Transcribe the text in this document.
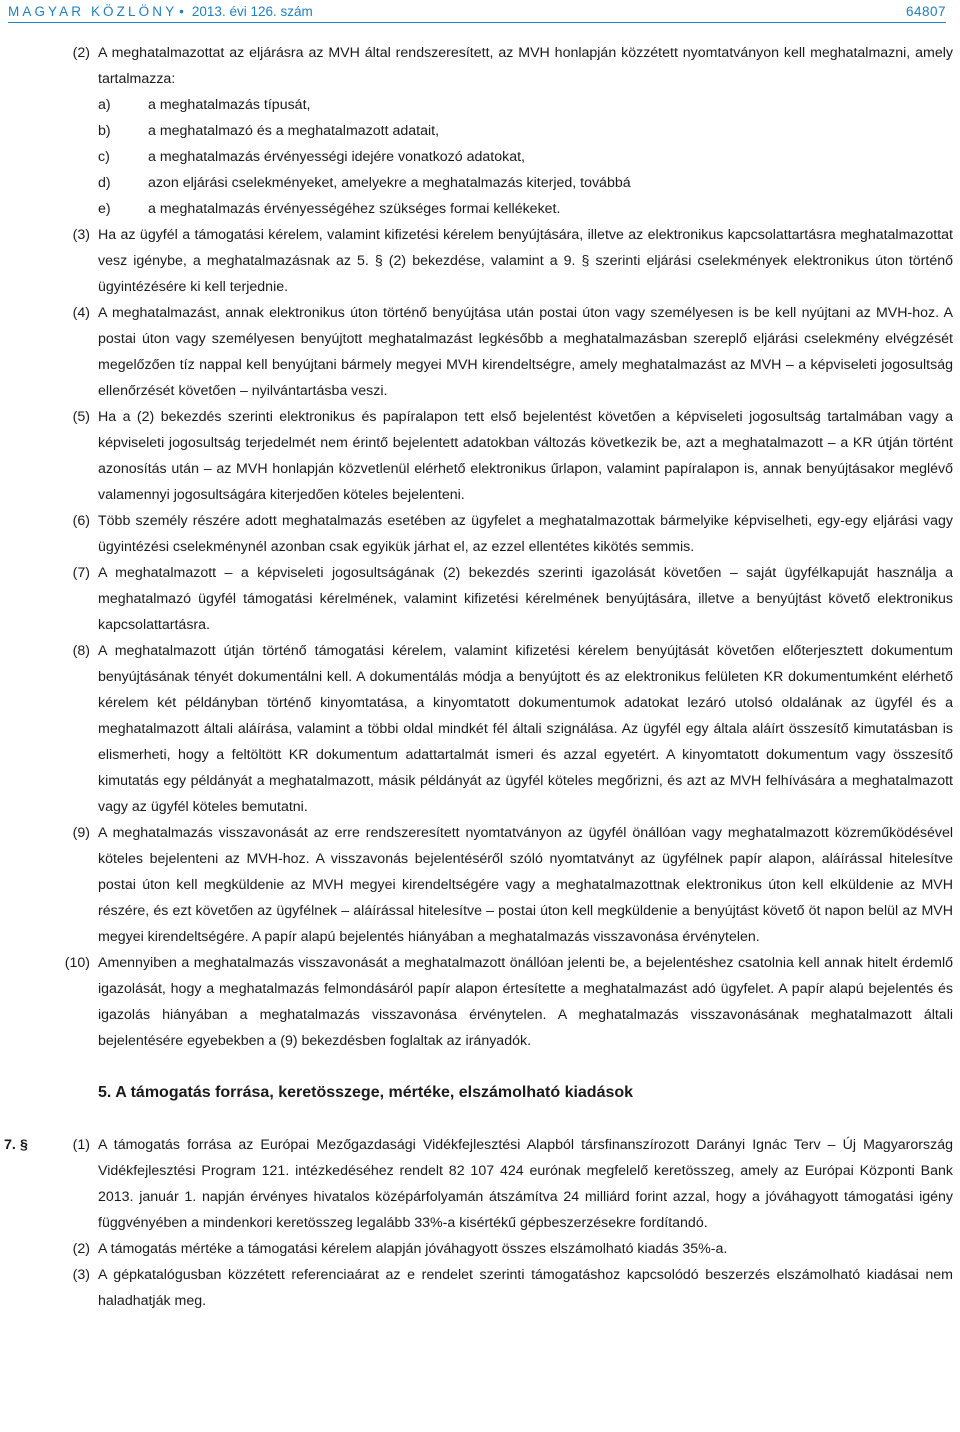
MAGYAR KÖZLÖNY • 2013. évi 126. szám	64807
(2) A meghatalmazottat az eljárásra az MVH által rendszeresített, az MVH honlapján közzétett nyomtatványon kell meghatalmazni, amely tartalmazza:
a)	a meghatalmazás típusát,
b)	a meghatalmazó és a meghatalmazott adatait,
c)	a meghatalmazás érvényességi idejére vonatkozó adatokat,
d)	azon eljárási cselekményeket, amelyekre a meghatalmazás kiterjed, továbbá
e)	a meghatalmazás érvényességéhez szükséges formai kellékeket.
(3) Ha az ügyfél a támogatási kérelem, valamint kifizetési kérelem benyújtására, illetve az elektronikus kapcsolattartásra meghatalmazottat vesz igénybe, a meghatalmazásnak az 5. § (2) bekezdése, valamint a 9. § szerinti eljárási cselekmények elektronikus úton történő ügyintézésére ki kell terjednie.
(4) A meghatalmazást, annak elektronikus úton történő benyújtása után postai úton vagy személyesen is be kell nyújtani az MVH-hoz. A postai úton vagy személyesen benyújtott meghatalmazást legkésőbb a meghatalmazásban szereplő eljárási cselekmény elvégzését megelőzően tíz nappal kell benyújtani bármely megyei MVH kirendeltségre, amely meghatalmazást az MVH – a képviseleti jogosultság ellenőrzését követően – nyilvántartásba veszi.
(5) Ha a (2) bekezdés szerinti elektronikus és papíralapon tett első bejelentést követően a képviseleti jogosultság tartalmában vagy a képviseleti jogosultság terjedelmét nem érintő bejelentett adatokban változás következik be, azt a meghatalmazott – a KR útján történt azonosítás után – az MVH honlapján közvetlenül elérhető elektronikus űrlapon, valamint papíralapon is, annak benyújtásakor meglévő valamennyi jogosultságára kiterjedően köteles bejelenteni.
(6) Több személy részére adott meghatalmazás esetében az ügyfelet a meghatalmazottak bármelyike képviselheti, egy-egy eljárási vagy ügyintézési cselekménynél azonban csak egyikük járhat el, az ezzel ellentétes kikötés semmis.
(7) A meghatalmazott – a képviseleti jogosultságának (2) bekezdés szerinti igazolását követően – saját ügyfélkapuját használja a meghatalmazó ügyfél támogatási kérelmének, valamint kifizetési kérelmének benyújtására, illetve a benyújtást követő elektronikus kapcsolattartásra.
(8) A meghatalmazott útján történő támogatási kérelem, valamint kifizetési kérelem benyújtását követően előterjesztett dokumentum benyújtásának tényét dokumentálni kell. A dokumentálás módja a benyújtott és az elektronikus felületen KR dokumentumként elérhető kérelem két példányban történő kinyomtatása, a kinyomtatott dokumentumok adatokat lezáró utolsó oldalának az ügyfél és a meghatalmazott általi aláírása, valamint a többi oldal mindkét fél általi szignálása. Az ügyfél egy általa aláírt összesítő kimutatásban is elismerheti, hogy a feltöltött KR dokumentum adattartalmát ismeri és azzal egyetért. A kinyomtatott dokumentum vagy összesítő kimutatás egy példányát a meghatalmazott, másik példányát az ügyfél köteles megőrizni, és azt az MVH felhívására a meghatalmazott vagy az ügyfél köteles bemutatni.
(9) A meghatalmazás visszavonását az erre rendszeresített nyomtatványon az ügyfél önállóan vagy meghatalmazott közreműködésével köteles bejelenteni az MVH-hoz. A visszavonás bejelentéséről szóló nyomtatványt az ügyfélnek papír alapon, aláírással hitelesítve postai úton kell megküldenie az MVH megyei kirendeltségére vagy a meghatalmazottnak elektronikus úton kell elküldenie az MVH részére, és ezt követően az ügyfélnek – aláírással hitelesítve – postai úton kell megküldenie a benyújtást követő öt napon belül az MVH megyei kirendeltségére. A papír alapú bejelentés hiányában a meghatalmazás visszavonása érvénytelen.
(10) Amennyiben a meghatalmazás visszavonását a meghatalmazott önállóan jelenti be, a bejelentéshez csatolnia kell annak hitelt érdemlő igazolását, hogy a meghatalmazás felmondásáról papír alapon értesítette a meghatalmazást adó ügyfelet. A papír alapú bejelentés és igazolás hiányában a meghatalmazás visszavonása érvénytelen. A meghatalmazás visszavonásának meghatalmazott általi bejelentésére egyebekben a (9) bekezdésben foglaltak az irányadók.
5. A támogatás forrása, keretösszege, mértéke, elszámolható kiadások
7. §	(1) A támogatás forrása az Európai Mezőgazdasági Vidékfejlesztési Alapból társfinanszírozott Darányi Ignác Terv – Új Magyarország Vidékfejlesztési Program 121. intézkedéséhez rendelt 82 107 424 eurónak megfelelő keretösszeg, amely az Európai Központi Bank 2013. január 1. napján érvényes hivatalos középárfolyamán átszámítva 24 milliárd forint azzal, hogy a jóváhagyott támogatási igény függvényében a mindenkori keretösszeg legalább 33%-a kisértékű gépbeszerzésekre fordítandó.
(2) A támogatás mértéke a támogatási kérelem alapján jóváhagyott összes elszámolható kiadás 35%-a.
(3) A gépkatalógusban közzétett referenciaárat az e rendelet szerinti támogatáshoz kapcsolódó beszerzés elszámolható kiadásai nem haladhatják meg.
